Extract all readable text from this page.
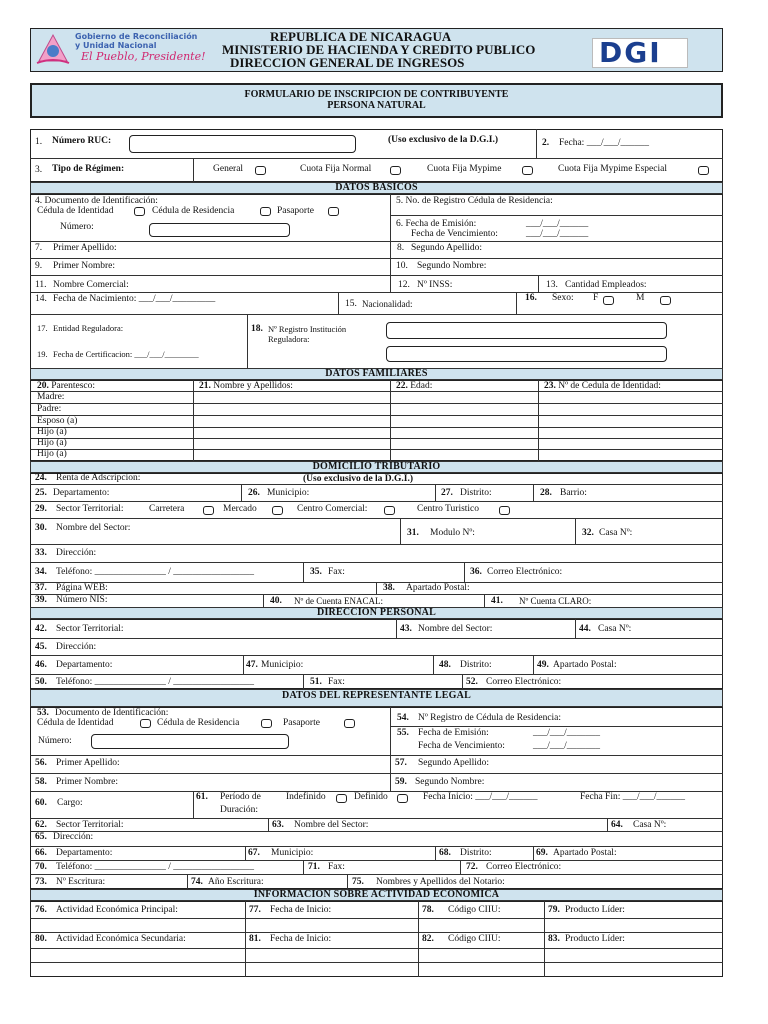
Gobierno de Reconciliación
y Unidad Nacional
El Pueblo, Presidente!
REPUBLICA DE NICARAGUA
MINISTERIO DE HACIENDA Y CREDITO PUBLICO
DIRECCION GENERAL DE INGRESOS	DGI
FORMULARIO DE INSCRIPCION DE CONTRIBUYENTE
PERSONA NATURAL
1. Número RUC:	(Uso exclusivo de la D.G.I.)	2. Fecha: ___/___/______
3. Tipo de Régimen:	General	Cuota Fija Normal	Cuota Fija Mypime	Cuota Fija Mypime Especial
DATOS BASICOS
4. Documento de Identificación:
Cédula de Identidad	Cédula de Residencia	Pasaporte
Número:
5. No. de Registro Cédula de Residencia:
6. Fecha de Emisión:	___/___/______
Fecha de Vencimiento:	___/___/______
7. Primer Apellido:	8. Segundo Apellido:
9. Primer Nombre:	10. Segundo Nombre:
11. Nombre Comercial:	12. Nº INSS:	13. Cantidad Empleados:
14. Fecha de Nacimiento: ___/___/_________	15. Nacionalidad:
16. Sexo: F	M
17. Entidad Reguladora:	18. Nº Registro Institución
Reguladora:
19. Fecha de Certificacion: ___/___/________
DATOS FAMILIARES
20. Parentesco:	21. Nombre y Apellidos:	22. Edad:	23. Nº de Cedula de Identidad:
Madre:
Padre:
Esposo (a)
Hijo (a)
Hijo (a)
Hijo (a)
DOMICILIO TRIBUTARIO
24. Renta de Adscripcion:	(Uso exclusivo de la D.G.I.)
25. Departamento:	26. Municipio:	27. Distrito:	28. Barrio:
29. Sector Territorial:	Carretera	Mercado	Centro Comercial:	Centro Turistico
30. Nombre del Sector:	31. Modulo Nº:	32. Casa Nº:
33. Dirección:
34. Teléfono: _______________ / _________________	35. Fax:	36. Correo Electrónico:
37. Página WEB:	38. Apartado Postal:
39. Número NIS:	40. Nº de Cuenta ENACAL:	41. Nº Cuenta CLARO:
DIRECCION PERSONAL
42. Sector Territorial:	43. Nombre del Sector:	44. Casa Nº:
45. Dirección:
46. Departamento:	47. Municipio:	48. Distrito:	49. Apartado Postal:
50. Teléfono: _______________ / _________________	51. Fax:	52. Correo Electrónico:
DATOS DEL REPRESENTANTE LEGAL
53. Documento de Identificación:
Cédula de Identidad	Cédula de Residencia	Pasaporte
Número:
54. Nº Registro de Cédula de Residencia:
55. Fecha de Emisión:	___/___/_______
Fecha de Vencimiento:	___/___/_______
56. Primer Apellido:	57. Segundo Apellido:
58. Primer Nombre:	59. Segundo Nombre:
60. Cargo:
61. Período de
Duración:
Indefinido	Definido	Fecha Inicio: ___/___/______	Fecha Fin: ___/___/______
62. Sector Territorial:	63. Nombre del Sector:	64. Casa Nº:
65. Dirección:
66. Departamento:	67. Municipio:	68. Distrito:	69. Apartado Postal:
70. Teléfono: _______________ / _________________	71. Fax:	72. Correo Electrónico:
73. Nº Escritura:	74. Año Escritura:	75. Nombres y Apellidos del Notario:
INFORMACION SOBRE ACTIVIDAD ECONOMICA
76. Actividad Económica Principal:	77. Fecha de Inicio:	78. Código CIIU:	79. Producto Líder:
80. Actividad Económica Secundaria:	81. Fecha de Inicio:	82. Código CIIU:	83. Producto Líder:
